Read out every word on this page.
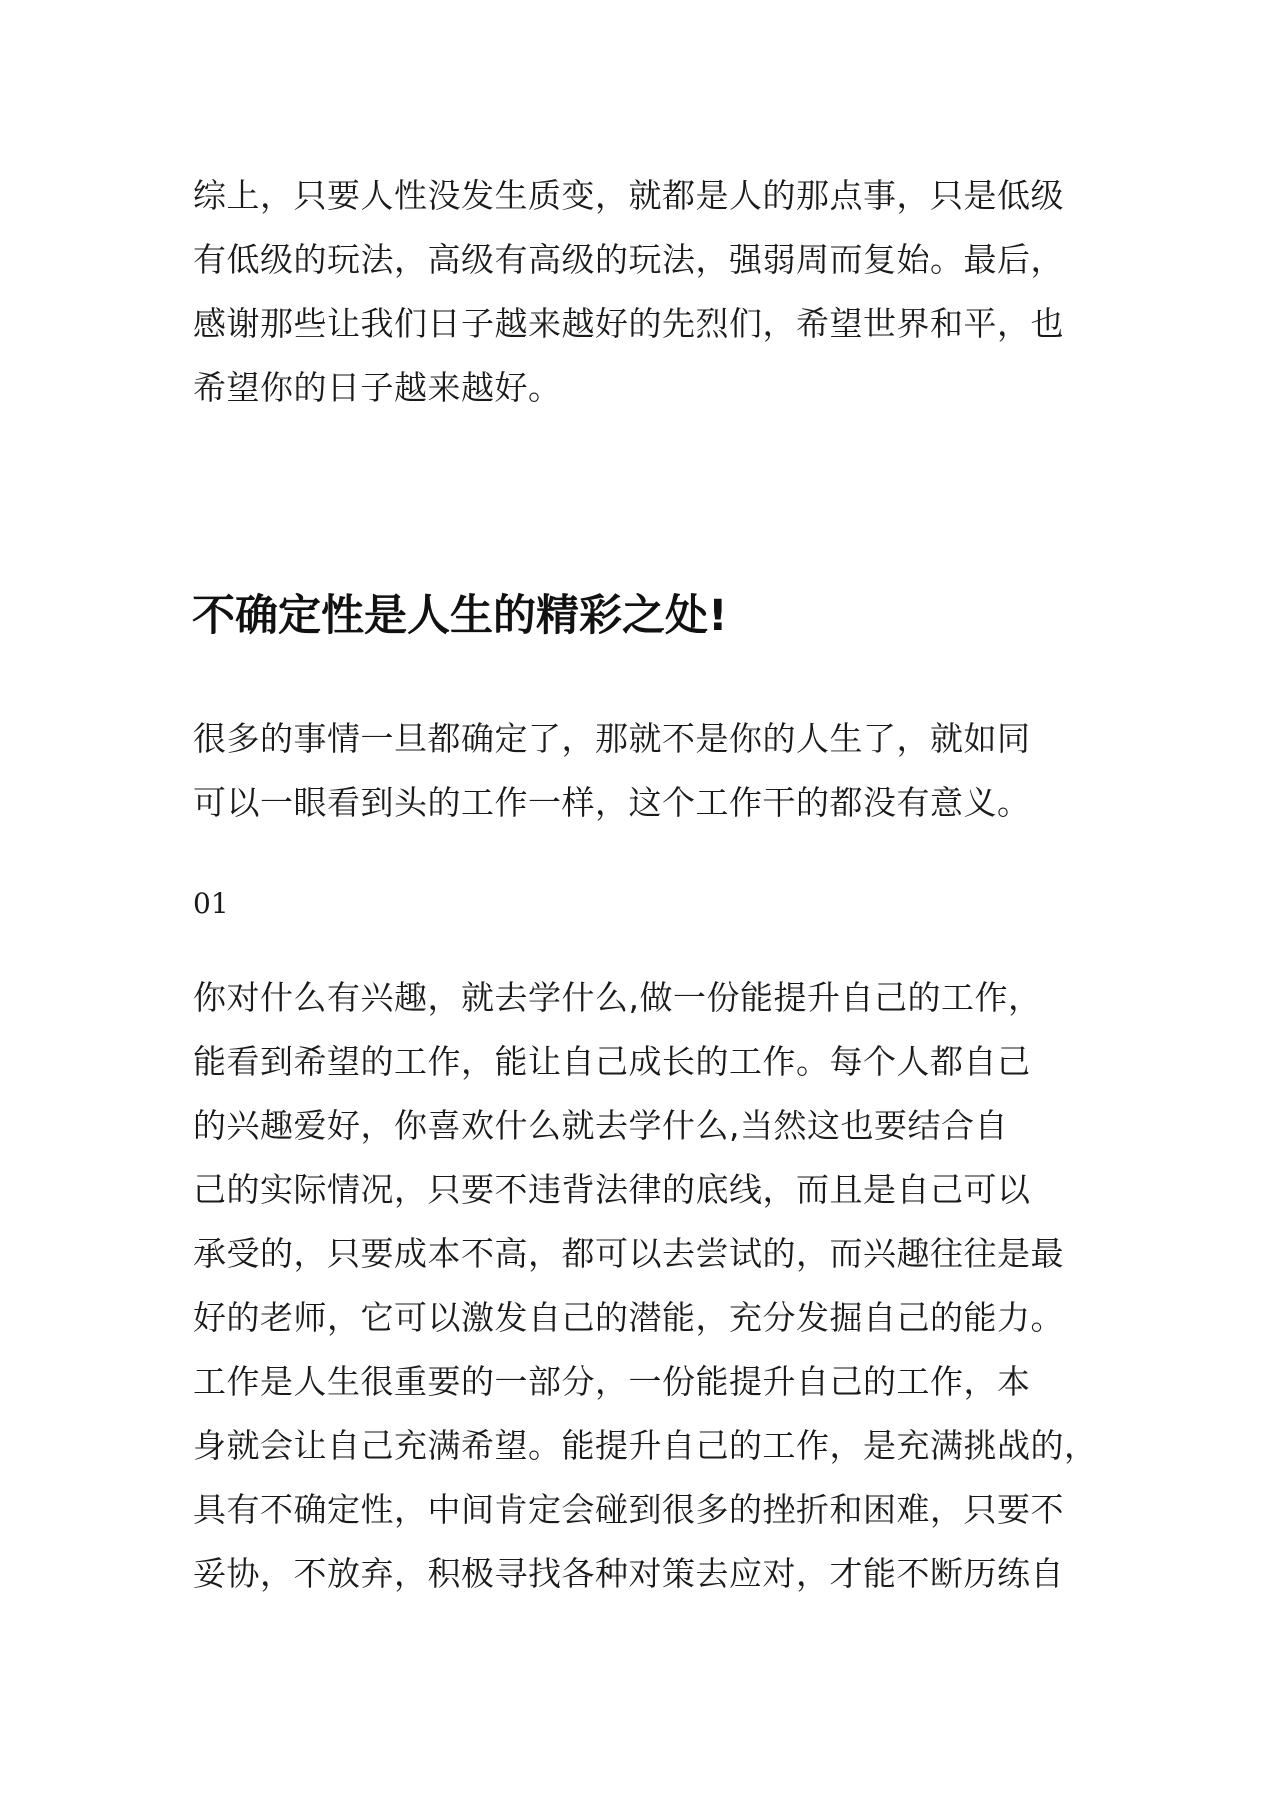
综上，只要人性没发生质变，就都是人的那点事，只是低级
有低级的玩法，高级有高级的玩法，强弱周而复始。最后，
感谢那些让我们日子越来越好的先烈们，希望世界和平，也
希望你的日子越来越好。
不确定性是人生的精彩之处!
很多的事情一旦都确定了，那就不是你的人生了，就如同
可以一眼看到头的工作一样，这个工作干的都没有意义。
01
你对什么有兴趣，就去学什么,做一份能提升自己的工作，
能看到希望的工作，能让自己成长的工作。每个人都自己
的兴趣爱好，你喜欢什么就去学什么,当然这也要结合自
己的实际情况，只要不违背法律的底线，而且是自己可以
承受的，只要成本不高，都可以去尝试的，而兴趣往往是最
好的老师，它可以激发自己的潜能，充分发掘自己的能力。
工作是人生很重要的一部分，一份能提升自己的工作，本
身就会让自己充满希望。能提升自己的工作，是充满挑战的，
具有不确定性，中间肯定会碰到很多的挫折和困难，只要不
妥协，不放弃，积极寻找各种对策去应对，才能不断历练自
